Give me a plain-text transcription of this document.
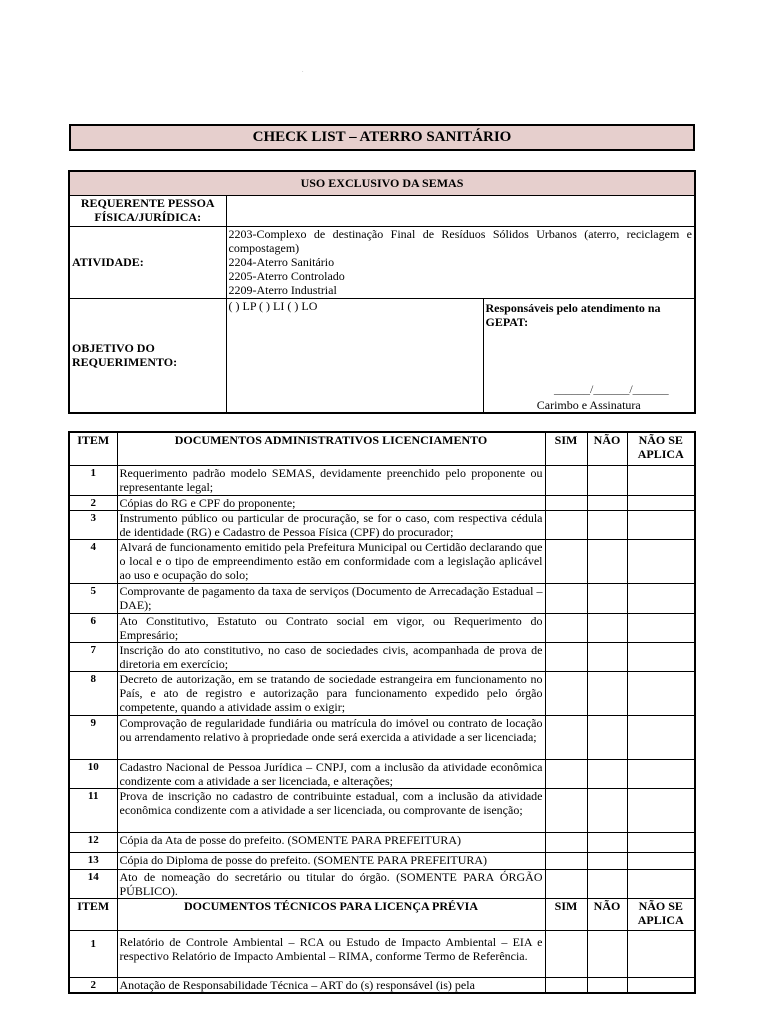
.
CHECK LIST – ATERRO SANITÁRIO
USO EXCLUSIVO DA SEMAS		
REQUERENTE PESSOA FÍSICA/JURÍDICA:		
ATIVIDADE:	2203-Complexo de destinação Final de Resíduos Sólidos Urbanos (aterro, reciclagem e compostagem)
2204-Aterro Sanitário
2205-Aterro Controlado
2209-Aterro Industrial	

OBJETIVO DO REQUERIMENTO:	( ) LP ( ) LI ( ) LO	Responsáveis pelo atendimento na GEPAT:
______/______/______
Carimbo e Assinatura
ITEM	DOCUMENTOS ADMINISTRATIVOS LICENCIAMENTO	SIM	NÃO	NÃO SE APLICA
1	Requerimento padrão modelo SEMAS, devidamente preenchido pelo proponente ou representante legal;			
2	Cópias do RG e CPF do proponente;			
3	Instrumento público ou particular de procuração, se for o caso, com respectiva cédula de identidade (RG) e Cadastro de Pessoa Física (CPF) do procurador;			
4	Alvará de funcionamento emitido pela Prefeitura Municipal ou Certidão declarando que o local e o tipo de empreendimento estão em conformidade com a legislação aplicável ao uso e ocupação do solo;			
5	Comprovante de pagamento da taxa de serviços (Documento de Arrecadação Estadual – DAE);			
6	Ato Constitutivo, Estatuto ou Contrato social em vigor, ou Requerimento do Empresário;			
7	Inscrição do ato constitutivo, no caso de sociedades civis, acompanhada de prova de diretoria em exercício;			
8	Decreto de autorização, em se tratando de sociedade estrangeira em funcionamento no País, e ato de registro e autorização para funcionamento expedido pelo órgão competente, quando a atividade assim o exigir;			
9	Comprovação de regularidade fundiária ou matrícula do imóvel ou contrato de locação ou arrendamento relativo à propriedade onde será exercida a atividade a ser licenciada;			
10	Cadastro Nacional de Pessoa Jurídica – CNPJ, com a inclusão da atividade econômica condizente com a atividade a ser licenciada, e alterações;			
11	Prova de inscrição no cadastro de contribuinte estadual, com a inclusão da atividade econômica condizente com a atividade a ser licenciada, ou comprovante de isenção;			
12	Cópia da Ata de posse do prefeito. (SOMENTE PARA PREFEITURA)			
13	Cópia do Diploma de posse do prefeito. (SOMENTE PARA PREFEITURA)			
14	Ato de nomeação do secretário ou titular do órgão. (SOMENTE PARA ÓRGÃO PÚBLICO).			
ITEM	DOCUMENTOS TÉCNICOS PARA LICENÇA PRÉVIA	SIM	NÃO	NÃO SE APLICA
1	Relatório de Controle Ambiental – RCA ou Estudo de Impacto Ambiental – EIA e respectivo Relatório de Impacto Ambiental – RIMA, conforme Termo de Referência.			
2	Anotação de Responsabilidade Técnica – ART do (s) responsável (is) pela			
